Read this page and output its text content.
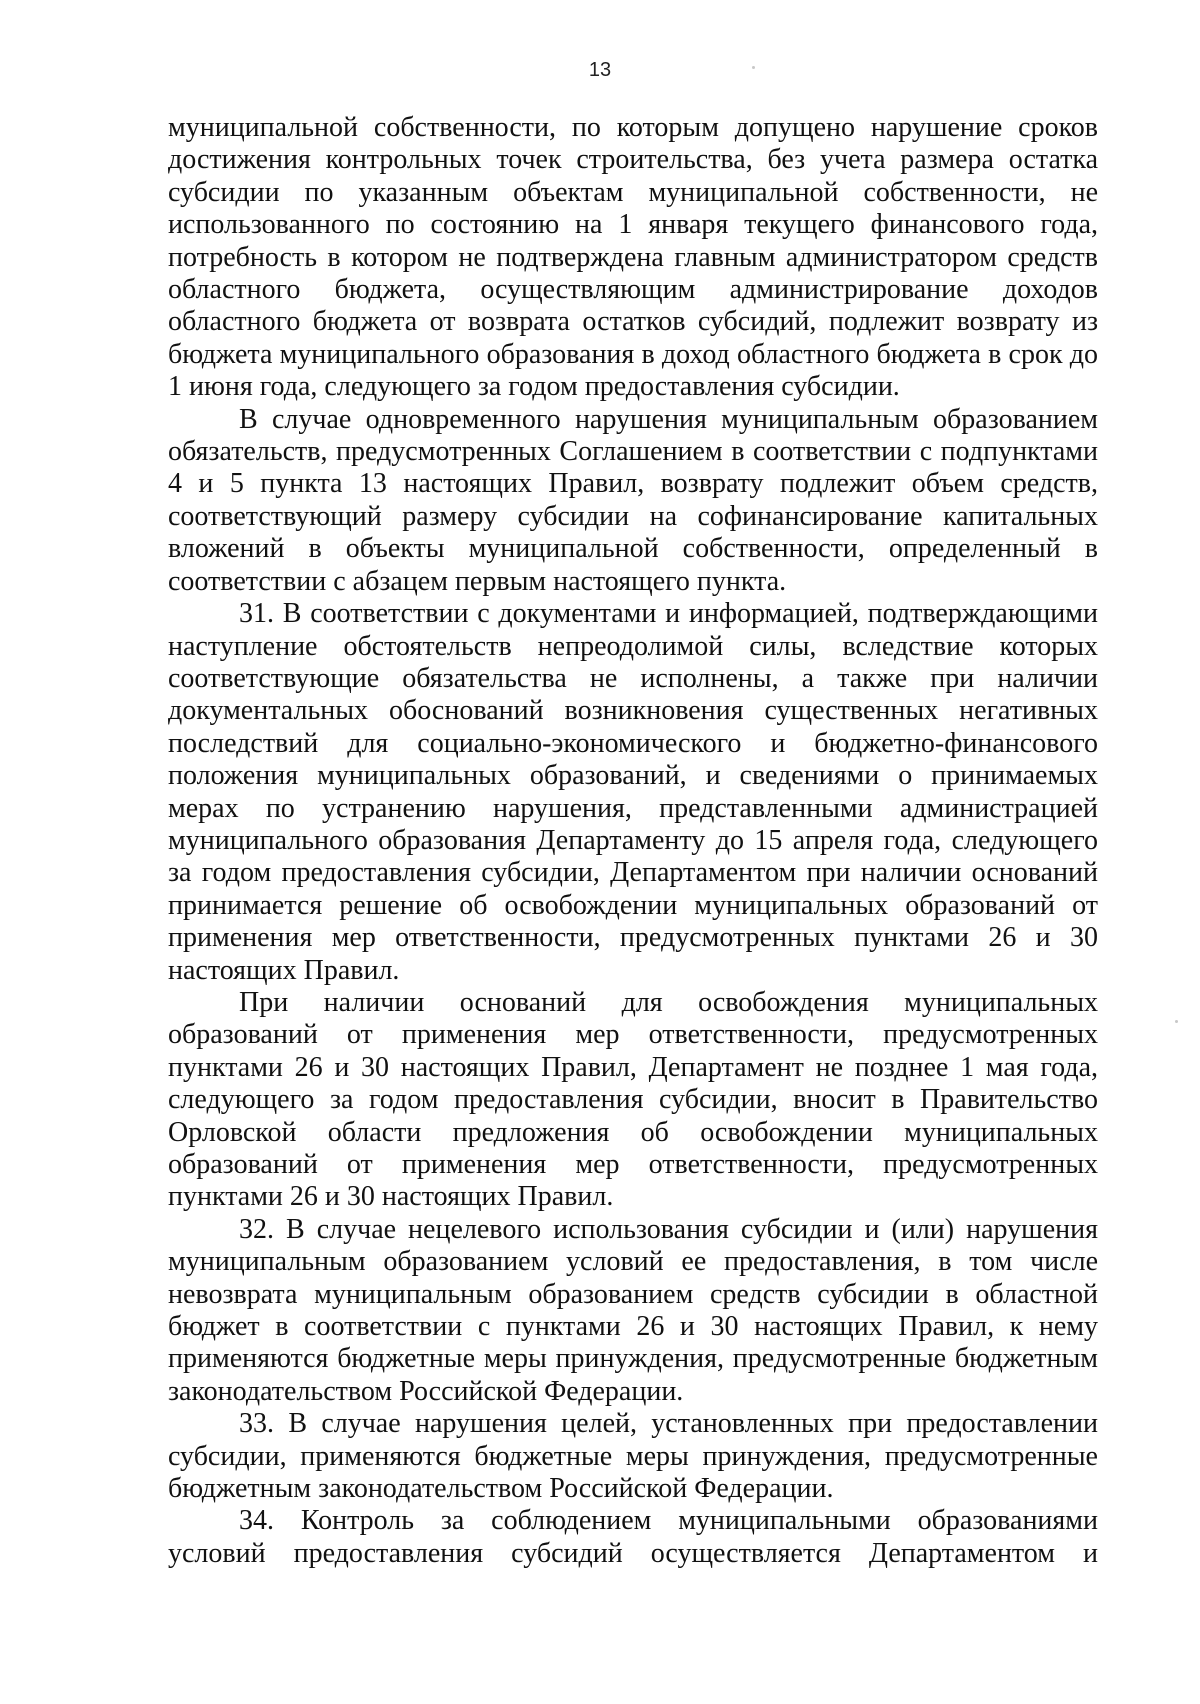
13

муниципальной собственности, по которым допущено нарушение сроков достижения контрольных точек строительства, без учета размера остатка субсидии по указанным объектам муниципальной собственности, не использованного по состоянию на 1 января текущего финансового года, потребность в котором не подтверждена главным администратором средств областного бюджета, осуществляющим администрирование доходов областного бюджета от возврата остатков субсидий, подлежит возврату из бюджета муниципального образования в доход областного бюджета в срок до 1 июня года, следующего за годом предоставления субсидии.

В случае одновременного нарушения муниципальным образованием обязательств, предусмотренных Соглашением в соответствии с подпунктами 4 и 5 пункта 13 настоящих Правил, возврату подлежит объем средств, соответствующий размеру субсидии на софинансирование капитальных вложений в объекты муниципальной собственности, определенный в соответствии с абзацем первым настоящего пункта.

31. В соответствии с документами и информацией, подтверждающими наступление обстоятельств непреодолимой силы, вследствие которых соответствующие обязательства не исполнены, а также при наличии документальных обоснований возникновения существенных негативных последствий для социально-экономического и бюджетно-финансового положения муниципальных образований, и сведениями о принимаемых мерах по устранению нарушения, представленными администрацией муниципального образования Департаменту до 15 апреля года, следующего за годом предоставления субсидии, Департаментом при наличии оснований принимается решение об освобождении муниципальных образований от применения мер ответственности, предусмотренных пунктами 26 и 30 настоящих Правил.

При наличии оснований для освобождения муниципальных образований от применения мер ответственности, предусмотренных пунктами 26 и 30 настоящих Правил, Департамент не позднее 1 мая года, следующего за годом предоставления субсидии, вносит в Правительство Орловской области предложения об освобождении муниципальных образований от применения мер ответственности, предусмотренных пунктами 26 и 30 настоящих Правил.

32. В случае нецелевого использования субсидии и (или) нарушения муниципальным образованием условий ее предоставления, в том числе невозврата муниципальным образованием средств субсидии в областной бюджет в соответствии с пунктами 26 и 30 настоящих Правил, к нему применяются бюджетные меры принуждения, предусмотренные бюджетным законодательством Российской Федерации.

33. В случае нарушения целей, установленных при предоставлении субсидии, применяются бюджетные меры принуждения, предусмотренные бюджетным законодательством Российской Федерации.

34. Контроль за соблюдением муниципальными образованиями условий предоставления субсидий осуществляется Департаментом и
